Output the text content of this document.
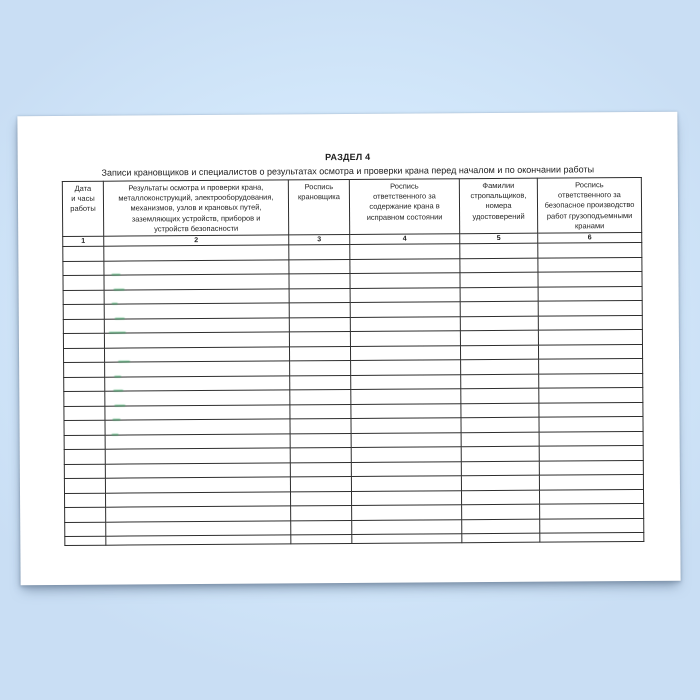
РАЗДЕЛ 4
Записи крановщиков и специалистов о результатах осмотра и проверки крана перед началом и по окончании работы
Дата
и часы
работы	Результаты осмотра и проверки крана,
металлоконструкций, электрооборудования,
механизмов, узлов и крановых путей,
заземляющих устройств, приборов и
устройств безопасности	Роспись
крановщика	Роспись
ответственного за
содержание крана в
исправном состоянии	Фамилии
стропальщиков,
номера
удостоверений	Роспись
ответственного за
безопасное производство
работ грузоподъемными
кранами
1	2	3	4	5	6
